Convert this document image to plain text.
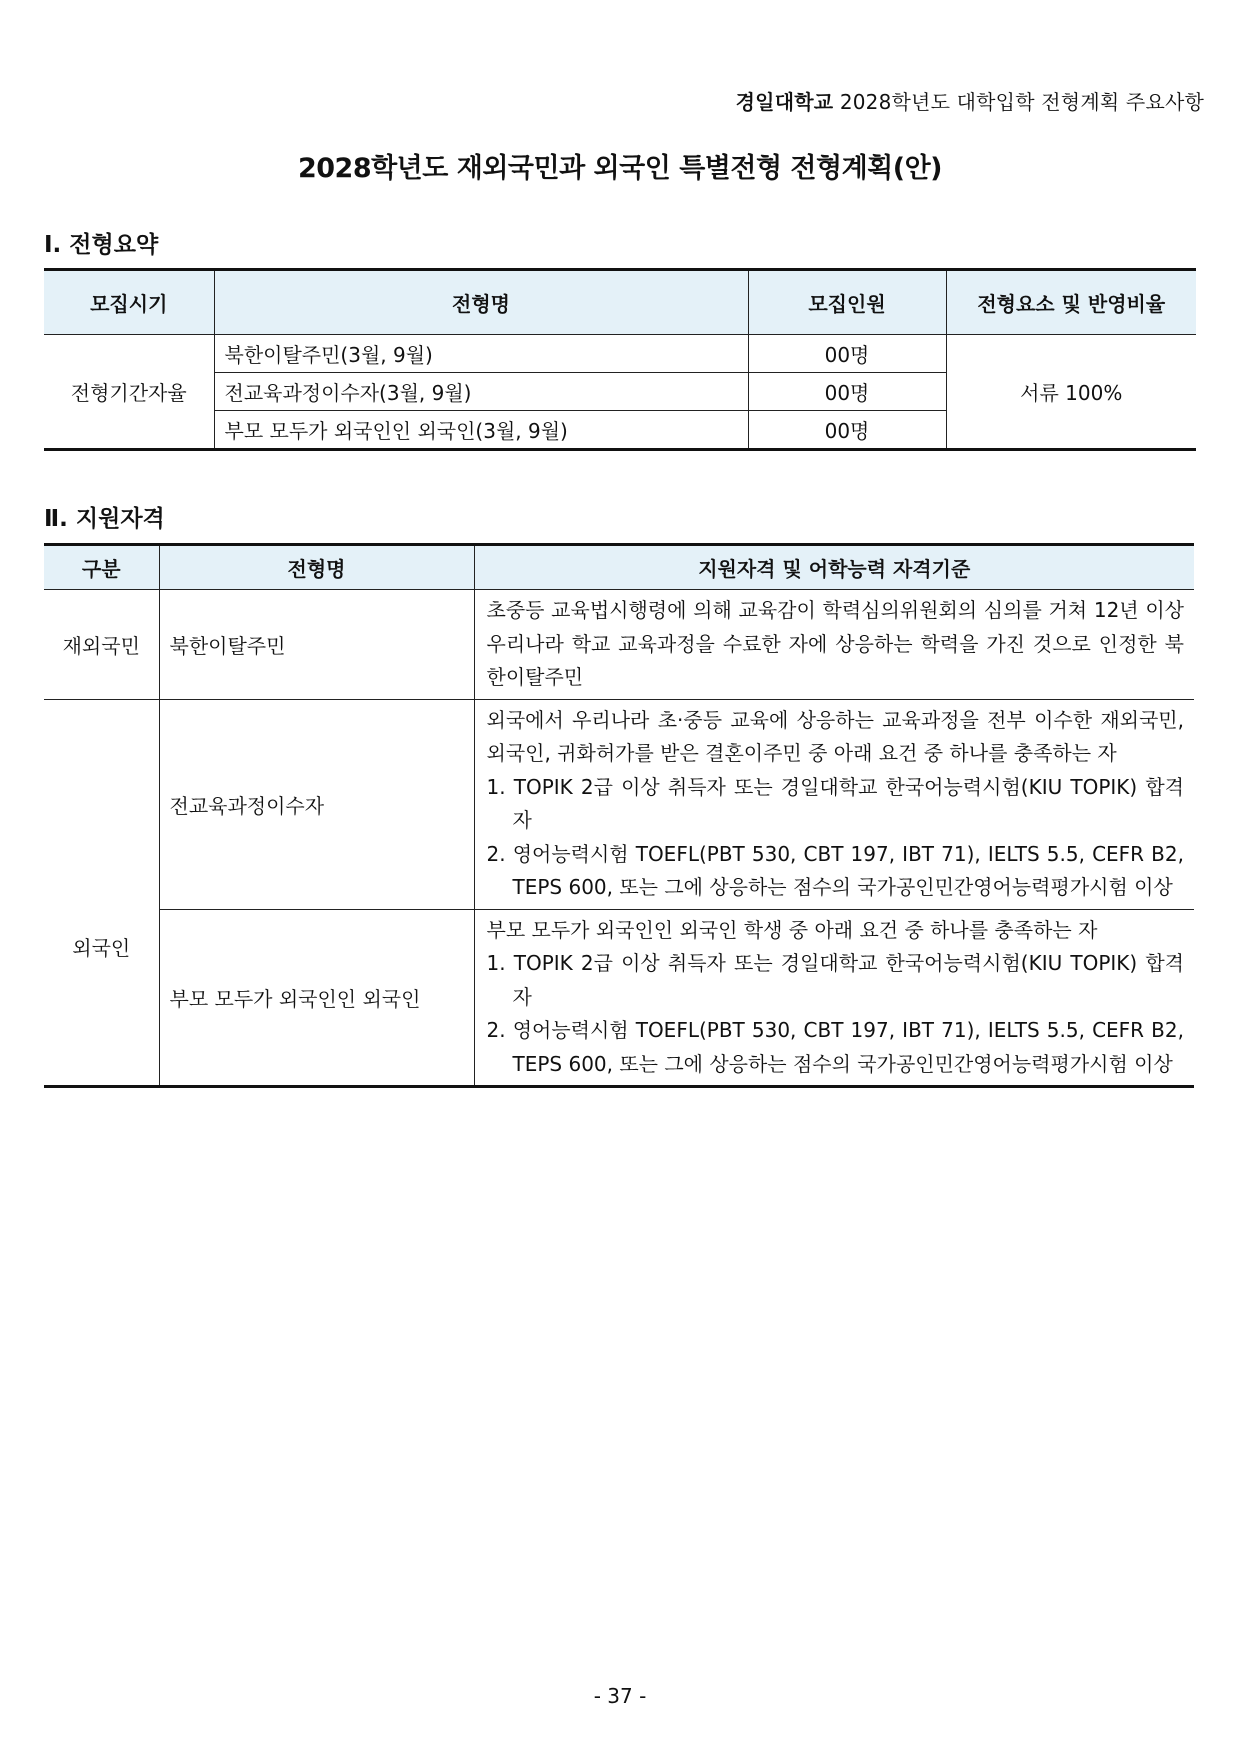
경일대학교 2028학년도 대학입학 전형계획 주요사항
2028학년도 재외국민과 외국인 특별전형 전형계획(안)
Ⅰ. 전형요약
모집시기	전형명	모집인원	전형요소 및 반영비율
전형기간자율	북한이탈주민(3월, 9월)	00명	서류 100%
	전교육과정이수자(3월, 9월)	00명	
	부모 모두가 외국인인 외국인(3월, 9월)	00명	
Ⅱ. 지원자격
구분	전형명	지원자격 및 어학능력 자격기준
재외국민	북한이탈주민	초중등 교육법시행령에 의해 교육감이 학력심의위원회의 심의를 거쳐 12년 이상 우리나라 학교 교육과정을 수료한 자에 상응하는 학력을 가진 것으로 인정한 북한이탈주민

외국인	전교육과정이수자	외국에서 우리나라 초·중등 교육에 상응하는 교육과정을 전부 이수한 재외국민, 외국인, 귀화허가를 받은 결혼이주민 중 아래 요건 중 하나를 충족하는 자
1. TOPIK 2급 이상 취득자 또는 경일대학교 한국어능력시험(KIU TOPIK) 합격자
2. 영어능력시험 TOEFL(PBT 530, CBT 197, IBT 71), IELTS 5.5, CEFR B2, TEPS 600, 또는 그에 상응하는 점수의 국가공인민간영어능력평가시험 이상

	부모 모두가 외국인인 외국인	부모 모두가 외국인인 외국인 학생 중 아래 요건 중 하나를 충족하는 자
1. TOPIK 2급 이상 취득자 또는 경일대학교 한국어능력시험(KIU TOPIK) 합격자
2. 영어능력시험 TOEFL(PBT 530, CBT 197, IBT 71), IELTS 5.5, CEFR B2, TEPS 600, 또는 그에 상응하는 점수의 국가공인민간영어능력평가시험 이상
- 37 -
